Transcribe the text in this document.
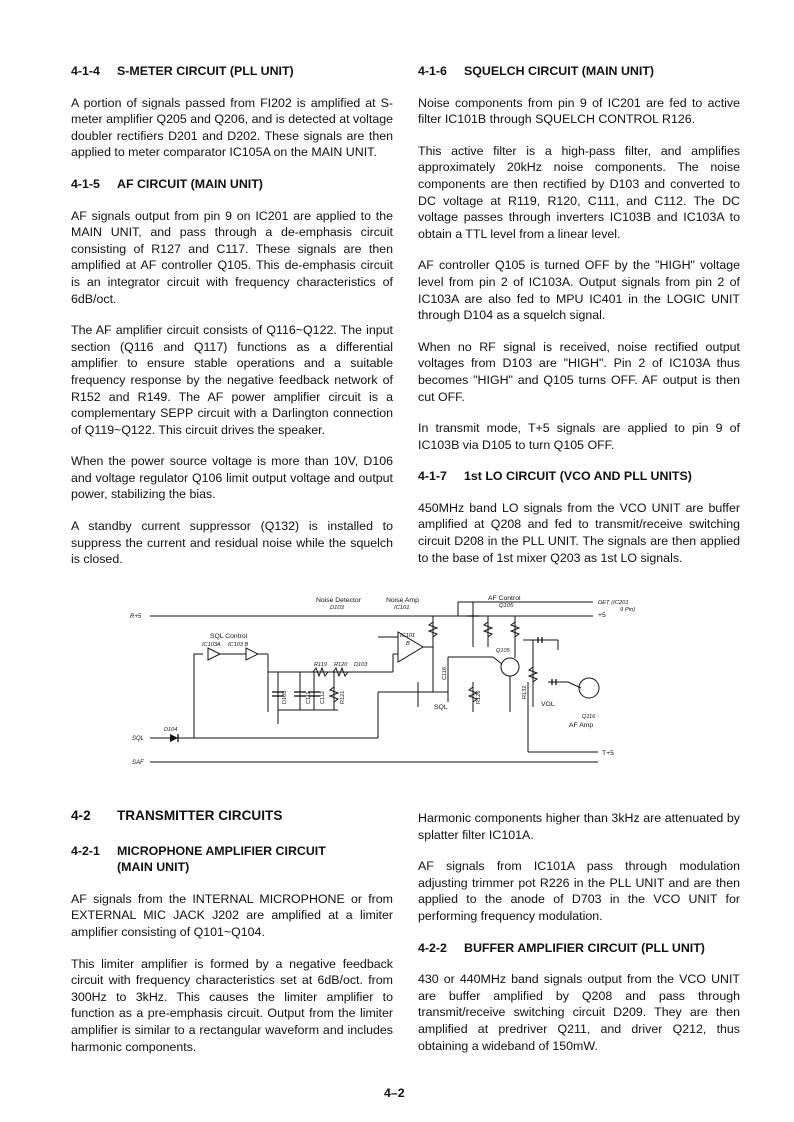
4-1-4 S-METER CIRCUIT (PLL UNIT)

A portion of signals passed from FI202 is amplified at S-meter amplifier Q205 and Q206, and is detected at voltage doubler rectifiers D201 and D202. These signals are then applied to meter comparator IC105A on the MAIN UNIT.

4-1-5 AF CIRCUIT (MAIN UNIT)

AF signals output from pin 9 on IC201 are applied to the MAIN UNIT, and pass through a de-emphasis circuit consisting of R127 and C117. These signals are then amplified at AF controller Q105. This de-emphasis circuit is an integrator circuit with frequency characteristics of 6dB/oct.

The AF amplifier circuit consists of Q116~Q122. The input section (Q116 and Q117) functions as a differential amplifier to ensure stable operations and a suitable frequency response by the negative feedback network of R152 and R149. The AF power amplifier circuit is a complementary SEPP circuit with a Darlington connection of Q119~Q122. This circuit drives the speaker.

When the power source voltage is more than 10V, D106 and voltage regulator Q106 limit output voltage and output power, stabilizing the bias.

A standby current suppressor (Q132) is installed to suppress the current and residual noise while the squelch is closed.

4-1-6 SQUELCH CIRCUIT (MAIN UNIT)

Noise components from pin 9 of IC201 are fed to active filter IC101B through SQUELCH CONTROL R126.

This active filter is a high-pass filter, and amplifies approximately 20kHz noise components. The noise components are then rectified by D103 and converted to DC voltage at R119, R120, C111, and C112. The DC voltage passes through inverters IC103B and IC103A to obtain a TTL level from a linear level.

AF controller Q105 is turned OFF by the "HIGH" voltage level from pin 2 of IC103A. Output signals from pin 2 of IC103A are also fed to MPU IC401 in the LOGIC UNIT through D104 as a squelch signal.

When no RF signal is received, noise rectified output voltages from D103 are "HIGH". Pin 2 of IC103A thus becomes "HIGH" and Q105 turns OFF. AF output is then cut OFF.

In transmit mode, T+5 signals are applied to pin 9 of IC103B via D105 to turn Q105 OFF.

4-1-7 1st LO CIRCUIT (VCO AND PLL UNITS)

450MHz band LO signals from the VCO UNIT are buffer amplified at Q208 and fed to transmit/receive switching circuit D208 in the PLL UNIT. The signals are then applied to the base of 1st mixer Q203 as 1st LO signals.

Noise Detector
D103
Noise Amp
IC101
AF Control
Q105	DET (IC201
9 Pin)
+5
R+5
SQL Control
IC103A IC103 B
IC101
B
R119 R120 D103
Q105
D105	C111 C112	R121
C116
R126
SQL
R132
VOL
Q116
AF Amp
D104
SQL
SAF
T+5
4-2 TRANSMITTER CIRCUITS
4-2-1 MICROPHONE AMPLIFIER CIRCUIT
(MAIN UNIT)

AF signals from the INTERNAL MICROPHONE or from EXTERNAL MIC JACK J202 are amplified at a limiter amplifier consisting of Q101~Q104.

This limiter amplifier is formed by a negative feedback circuit with frequency characteristics set at 6dB/oct. from 300Hz to 3kHz. This causes the limiter amplifier to function as a pre-emphasis circuit. Output from the limiter amplifier is similar to a rectangular waveform and includes harmonic components.

Harmonic components higher than 3kHz are attenuated by splatter filter IC101A.

AF signals from IC101A pass through modulation adjusting trimmer pot R226 in the PLL UNIT and are then applied to the anode of D703 in the VCO UNIT for performing frequency modulation.

4-2-2 BUFFER AMPLIFIER CIRCUIT (PLL UNIT)

430 or 440MHz band signals output from the VCO UNIT are buffer amplified by Q208 and pass through transmit/receive switching circuit D209. They are then amplified at predriver Q211, and driver Q212, thus obtaining a wideband of 150mW.

4–2
